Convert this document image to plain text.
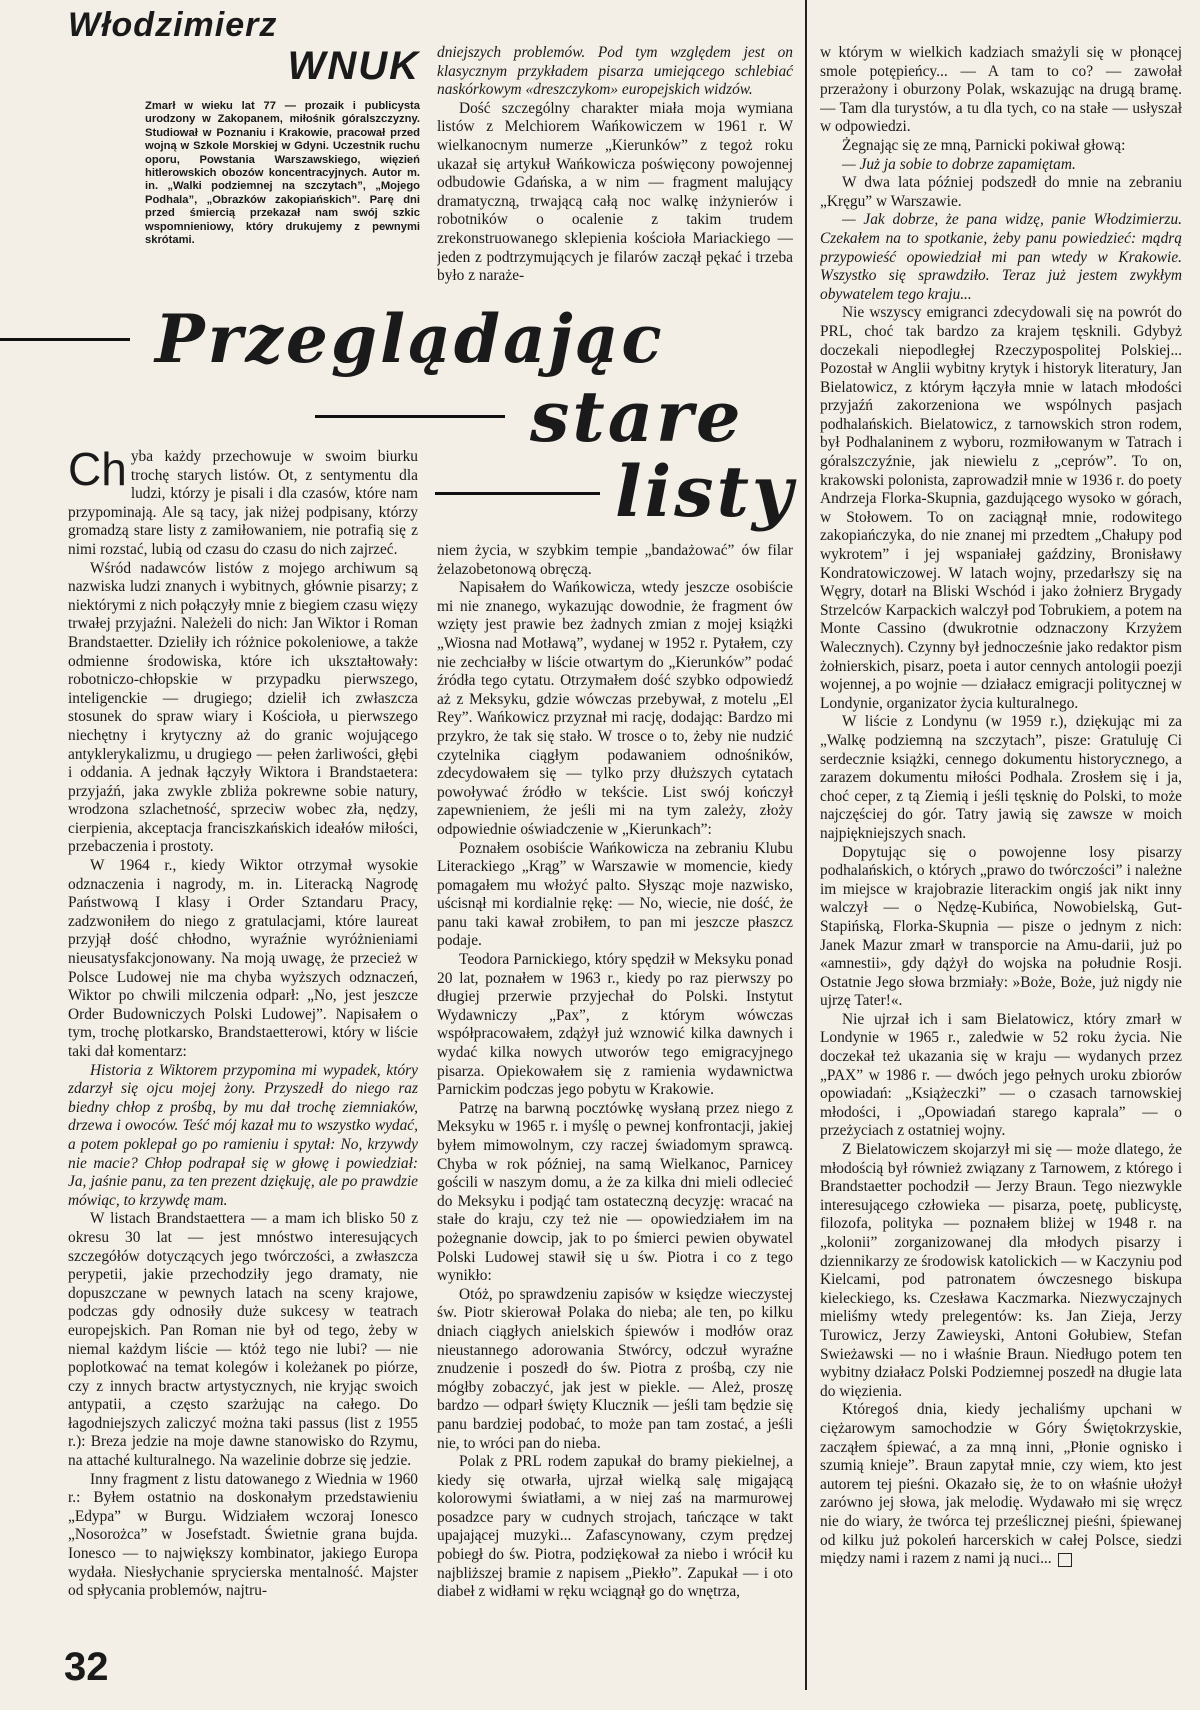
Włodzimierz
WNUK
Zmarł w wieku lat 77 — prozaik i publicysta urodzony w Zakopanem, miłośnik góralszczyzny. Studiował w Poznaniu i Krakowie, pracował przed wojną w Szkole Morskiej w Gdyni. Uczestnik ruchu oporu, Powstania Warszawskiego, więzień hitlerowskich obozów koncentracyjnych. Autor m. in. „Walki podziemnej na szczytach”, „Mojego Podhala”, „Obrazków zakopiańskich”. Parę dni przed śmiercią przekazał nam swój szkic wspomnieniowy, który drukujemy z pewnymi skrótami.
Przeglądając
stare
listy

Ch yba każdy przechowuje w swoim biurku trochę starych listów. Ot, z sentymentu dla ludzi, którzy je pisali i dla czasów, które nam przypominają. Ale są tacy, jak niżej podpisany, którzy gromadzą stare listy z zamiłowaniem, nie potrafią się z nimi rozstać, lubią od czasu do czasu do nich zajrzeć.

Wśród nadawców listów z mojego archiwum są nazwiska ludzi znanych i wybitnych, głównie pisarzy; z niektórymi z nich połączyły mnie z biegiem czasu więzy trwałej przyjaźni. Należeli do nich: Jan Wiktor i Roman Brandstaetter. Dzieliły ich różnice pokoleniowe, a także odmienne środowiska, które ich ukształtowały: robotniczo-chłopskie w przypadku pierwszego, inteligenckie — drugiego; dzielił ich zwłaszcza stosunek do spraw wiary i Kościoła, u pierwszego niechętny i krytyczny aż do granic wojującego antyklerykalizmu, u drugiego — pełen żarliwości, głębi i oddania. A jednak łączyły Wiktora i Brandstaetera: przyjaźń, jaka zwykle zbliża pokrewne sobie natury, wrodzona szlachetność, sprzeciw wobec zła, nędzy, cierpienia, akceptacja franciszkańskich ideałów miłości, przebaczenia i prostoty.

W 1964 r., kiedy Wiktor otrzymał wysokie odznaczenia i nagrody, m. in. Literacką Nagrodę Państwową I klasy i Order Sztandaru Pracy, zadzwoniłem do niego z gratulacjami, które laureat przyjął dość chłodno, wyraźnie wyróżnieniami nieusatysfakcjonowany. Na moją uwagę, że przecież w Polsce Ludowej nie ma chyba wyższych odznaczeń, Wiktor po chwili milczenia odparł: „No, jest jeszcze Order Budowniczych Polski Ludowej”. Napisałem o tym, trochę plotkarsko, Brandstaetterowi, który w liście taki dał komentarz:

Historia z Wiktorem przypomina mi wypadek, który zdarzył się ojcu mojej żony. Przyszedł do niego raz biedny chłop z prośbą, by mu dał trochę ziemniaków, drzewa i owoców. Teść mój kazał mu to wszystko wydać, a potem poklepał go po ramieniu i spytał: No, krzywdy nie macie? Chłop podrapał się w głowę i powiedział: Ja, jaśnie panu, za ten prezent dziękuję, ale po prawdzie mówiąc, to krzywdę mam.

W listach Brandstaettera — a mam ich blisko 50 z okresu 30 lat — jest mnóstwo interesujących szczegółów dotyczących jego twórczości, a zwłaszcza perypetii, jakie przechodziły jego dramaty, nie dopuszczane w pewnych latach na sceny krajowe, podczas gdy odnosiły duże sukcesy w teatrach europejskich. Pan Roman nie był od tego, żeby w niemal każdym liście — któż tego nie lubi? — nie poplotkować na temat kolegów i koleżanek po piórze, czy z innych bractw artystycznych, nie kryjąc swoich antypatii, a często szarżując na całego. Do łagodniejszych zaliczyć można taki passus (list z 1955 r.): Breza jedzie na moje dawne stanowisko do Rzymu, na attaché kulturalnego. Na wazelinie dobrze się jedzie.

Inny fragment z listu datowanego z Wiednia w 1960 r.: Byłem ostatnio na doskonałym przedstawieniu „Edypa” w Burgu. Widziałem wczoraj Ionesco „Nosorożca” w Josefstadt. Świetnie grana bujda. Ionesco — to największy kombinator, jakiego Europa wydała. Niesłychanie sprycierska mentalność. Majster od spłycania problemów, najtru-

dniejszych problemów. Pod tym względem jest on klasycznym przykładem pisarza umiejącego schlebiać naskórkowym «dreszczykom» europejskich widzów.

Dość szczególny charakter miała moja wymiana listów z Melchiorem Wańkowiczem w 1961 r. W wielkanocnym numerze „Kierunków” z tegoż roku ukazał się artykuł Wańkowicza poświęcony powojennej odbudowie Gdańska, a w nim — fragment malujący dramatyczną, trwającą całą noc walkę inżynierów i robotników o ocalenie z takim trudem zrekonstruowanego sklepienia kościoła Mariackiego — jeden z podtrzymujących je filarów zaczął pękać i trzeba było z naraże-

niem życia, w szybkim tempie „bandażować” ów filar żelazobetonową obręczą.

Napisałem do Wańkowicza, wtedy jeszcze osobiście mi nie znanego, wykazując dowodnie, że fragment ów wzięty jest prawie bez żadnych zmian z mojej książki „Wiosna nad Motławą”, wydanej w 1952 r. Pytałem, czy nie zechciałby w liście otwartym do „Kierunków” podać źródła tego cytatu. Otrzymałem dość szybko odpowiedź aż z Meksyku, gdzie wówczas przebywał, z motelu „El Rey”. Wańkowicz przyznał mi rację, dodając: Bardzo mi przykro, że tak się stało. W trosce o to, żeby nie nudzić czytelnika ciągłym podawaniem odnośników, zdecydowałem się — tylko przy dłuższych cytatach powoływać źródło w tekście. List swój kończył zapewnieniem, że jeśli mi na tym zależy, złoży odpowiednie oświadczenie w „Kierunkach”:

Poznałem osobiście Wańkowicza na zebraniu Klubu Literackiego „Krąg” w Warszawie w momencie, kiedy pomagałem mu włożyć palto. Słysząc moje nazwisko, uścisnął mi kordialnie rękę: — No, wiecie, nie dość, że panu taki kawał zrobiłem, to pan mi jeszcze płaszcz podaje.

Teodora Parnickiego, który spędził w Meksyku ponad 20 lat, poznałem w 1963 r., kiedy po raz pierwszy po długiej przerwie przyjechał do Polski. Instytut Wydawniczy „Pax”, z którym wówczas współpracowałem, zdążył już wznowić kilka dawnych i wydać kilka nowych utworów tego emigracyjnego pisarza. Opiekowałem się z ramienia wydawnictwa Parnickim podczas jego pobytu w Krakowie.

Patrzę na barwną pocztówkę wysłaną przez niego z Meksyku w 1965 r. i myślę o pewnej konfrontacji, jakiej byłem mimowolnym, czy raczej świadomym sprawcą. Chyba w rok później, na samą Wielkanoc, Parnicey gościli w naszym domu, a że za kilka dni mieli odlecieć do Meksyku i podjąć tam ostateczną decyzję: wracać na stałe do kraju, czy też nie — opowiedziałem im na pożegnanie dowcip, jak to po śmierci pewien obywatel Polski Ludowej stawił się u św. Piotra i co z tego wynikło:

Otóż, po sprawdzeniu zapisów w księdze wieczystej św. Piotr skierował Polaka do nieba; ale ten, po kilku dniach ciągłych anielskich śpiewów i modłów oraz nieustannego adorowania Stwórcy, odczuł wyraźne znudzenie i poszedł do św. Piotra z prośbą, czy nie mógłby zobaczyć, jak jest w piekle. — Ależ, proszę bardzo — odparł święty Klucznik — jeśli tam będzie się panu bardziej podobać, to może pan tam zostać, a jeśli nie, to wróci pan do nieba.

Polak z PRL rodem zapukał do bramy piekielnej, a kiedy się otwarła, ujrzał wielką salę migającą kolorowymi światłami, a w niej zaś na marmurowej posadzce pary w cudnych strojach, tańczące w takt upajającej muzyki... Zafascynowany, czym prędzej pobiegł do św. Piotra, podziękował za niebo i wrócił ku najbliższej bramie z napisem „Piekło”. Zapukał — i oto diabeł z widłami w ręku wciągnął go do wnętrza,

w którym w wielkich kadziach smażyli się w płonącej smole potępieńcy... — A tam to co? — zawołał przerażony i oburzony Polak, wskazując na drugą bramę. — Tam dla turystów, a tu dla tych, co na stałe — usłyszał w odpowiedzi.

Żegnając się ze mną, Parnicki pokiwał głową:

— Już ja sobie to dobrze zapamiętam.

W dwa lata później podszedł do mnie na zebraniu „Kręgu” w Warszawie.

— Jak dobrze, że pana widzę, panie Włodzimierzu. Czekałem na to spotkanie, żeby panu powiedzieć: mądrą przypowieść opowiedział mi pan wtedy w Krakowie. Wszystko się sprawdziło. Teraz już jestem zwykłym obywatelem tego kraju...

Nie wszyscy emigranci zdecydowali się na powrót do PRL, choć tak bardzo za krajem tęsknili. Gdybyż doczekali niepodległej Rzeczypospolitej Polskiej... Pozostał w Anglii wybitny krytyk i historyk literatury, Jan Bielatowicz, z którym łączyła mnie w latach młodości przyjaźń zakorzeniona we wspólnych pasjach podhalańskich. Bielatowicz, z tarnowskich stron rodem, był Podhalaninem z wyboru, rozmiłowanym w Tatrach i góralszczyźnie, jak niewielu z „ceprów”. To on, krakowski polonista, zaprowadził mnie w 1936 r. do poety Andrzeja Florka-Skupnia, gazdującego wysoko w górach, w Stołowem. To on zaciągnął mnie, rodowitego zakopiańczyka, do nie znanej mi przedtem „Chałupy pod wykrotem” i jej wspaniałej gaździny, Bronisławy Kondratowiczowej. W latach wojny, przedarłszy się na Węgry, dotarł na Bliski Wschód i jako żołnierz Brygady Strzelców Karpackich walczył pod Tobrukiem, a potem na Monte Cassino (dwukrotnie odznaczony Krzyżem Walecznych). Czynny był jednocześnie jako redaktor pism żołnierskich, pisarz, poeta i autor cennych antologii poezji wojennej, a po wojnie — działacz emigracji politycznej w Londynie, organizator życia kulturalnego.

W liście z Londynu (w 1959 r.), dziękując mi za „Walkę podziemną na szczytach”, pisze: Gratuluję Ci serdecznie książki, cennego dokumentu historycznego, a zarazem dokumentu miłości Podhala. Zrosłem się i ja, choć ceper, z tą Ziemią i jeśli tęsknię do Polski, to może najczęściej do gór. Tatry jawią się zawsze w moich najpiękniejszych snach.

Dopytując się o powojenne losy pisarzy podhalańskich, o których „prawo do twórczości” i należne im miejsce w krajobrazie literackim ongiś jak nikt inny walczył — o Nędzę-Kubińca, Nowobielską, Gut-Stapińską, Florka-Skupnia — pisze o jednym z nich: Janek Mazur zmarł w transporcie na Amu-darii, już po «amnestii», gdy dążył do wojska na południe Rosji. Ostatnie Jego słowa brzmiały: »Boże, Boże, już nigdy nie ujrzę Tater!«.

Nie ujrzał ich i sam Bielatowicz, który zmarł w Londynie w 1965 r., zaledwie w 52 roku życia. Nie doczekał też ukazania się w kraju — wydanych przez „PAX” w 1986 r. — dwóch jego pełnych uroku zbiorów opowiadań: „Książeczki” — o czasach tarnowskiej młodości, i „Opowiadań starego kaprala” — o przeżyciach z ostatniej wojny.

Z Bielatowiczem skojarzył mi się — może dlatego, że młodością był również związany z Tarnowem, z którego i Brandstaetter pochodził — Jerzy Braun. Tego niezwykle interesującego człowieka — pisarza, poetę, publicystę, filozofa, polityka — poznałem bliżej w 1948 r. na „kolonii” zorganizowanej dla młodych pisarzy i dziennikarzy ze środowisk katolickich — w Kaczyniu pod Kielcami, pod patronatem ówczesnego biskupa kieleckiego, ks. Czesława Kaczmarka. Niezwyczajnych mieliśmy wtedy prelegentów: ks. Jan Zieja, Jerzy Turowicz, Jerzy Zawieyski, Antoni Gołubiew, Stefan Swieżawski — no i właśnie Braun. Niedługo potem ten wybitny działacz Polski Podziemnej poszedł na długie lata do więzienia.

Któregoś dnia, kiedy jechaliśmy upchani w ciężarowym samochodzie w Góry Świętokrzyskie, zacząłem śpiewać, a za mną inni, „Płonie ognisko i szumią knieje”. Braun zapytał mnie, czy wiem, kto jest autorem tej pieśni. Okazało się, że to on właśnie ułożył zarówno jej słowa, jak melodię. Wydawało mi się wręcz nie do wiary, że twórca tej prześlicznej pieśni, śpiewanej od kilku już pokoleń harcerskich w całej Polsce, siedzi między nami i razem z nami ją nuci...

32
